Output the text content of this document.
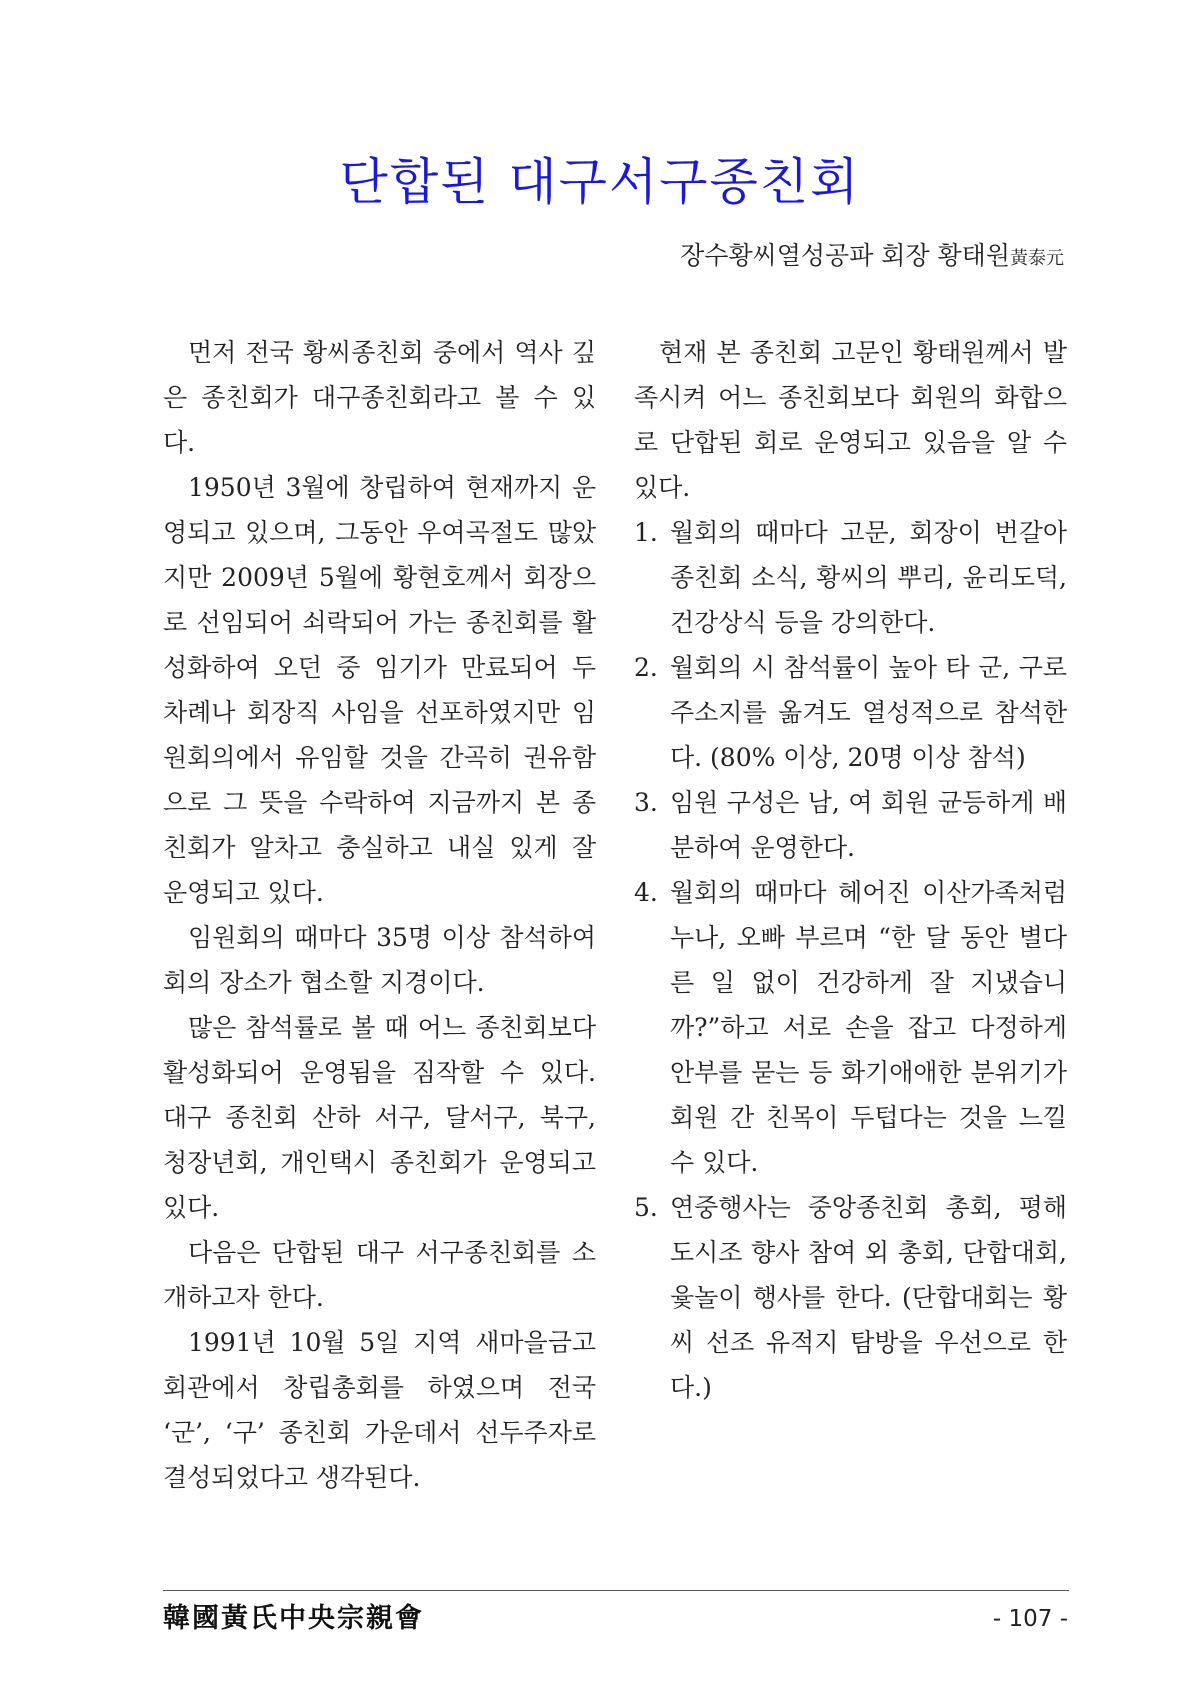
단합된 대구서구종친회
장수황씨열성공파 회장 황태원黃泰元

먼저 전국 황씨종친회 중에서 역사 깊은 종친회가 대구종친회라고 볼 수 있다.

1950년 3월에 창립하여 현재까지 운영되고 있으며, 그동안 우여곡절도 많았지만 2009년 5월에 황현호께서 회장으로 선임되어 쇠락되어 가는 종친회를 활성화하여 오던 중 임기가 만료되어 두 차례나 회장직 사임을 선포하였지만 임원회의에서 유임할 것을 간곡히 권유함으로 그 뜻을 수락하여 지금까지 본 종친회가 알차고 충실하고 내실 있게 잘 운영되고 있다.

임원회의 때마다 35명 이상 참석하여 회의 장소가 협소할 지경이다.

많은 참석률로 볼 때 어느 종친회보다 활성화되어 운영됨을 짐작할 수 있다. 대구 종친회 산하 서구, 달서구, 북구, 청장년회, 개인택시 종친회가 운영되고 있다.

다음은 단합된 대구 서구종친회를 소개하고자 한다.

1991년 10월 5일 지역 새마을금고 회관에서 창립총회를 하였으며 전국 ‘군’, ‘구’ 종친회 가운데서 선두주자로 결성되었다고 생각된다.

현재 본 종친회 고문인 황태원께서 발족시켜 어느 종친회보다 회원의 화합으로 단합된 회로 운영되고 있음을 알 수 있다.

1. 월회의 때마다 고문, 회장이 번갈아 종친회 소식, 황씨의 뿌리, 윤리도덕, 건강상식 등을 강의한다.
2. 월회의 시 참석률이 높아 타 군, 구로 주소지를 옮겨도 열성적으로 참석한다. (80% 이상, 20명 이상 참석)
3. 임원 구성은 남, 여 회원 균등하게 배분하여 운영한다.
4. 월회의 때마다 헤어진 이산가족처럼 누나, 오빠 부르며 “한 달 동안 별다른 일 없이 건강하게 잘 지냈습니까?”하고 서로 손을 잡고 다정하게 안부를 묻는 등 화기애애한 분위기가 회원 간 친목이 두텁다는 것을 느낄 수 있다.
5. 연중행사는 중앙종친회 총회, 평해 도시조 향사 참여 외 총회, 단합대회, 윷놀이 행사를 한다. (단합대회는 황씨 선조 유적지 탐방을 우선으로 한다.)
韓國黃氏中央宗親會	- 107 -
